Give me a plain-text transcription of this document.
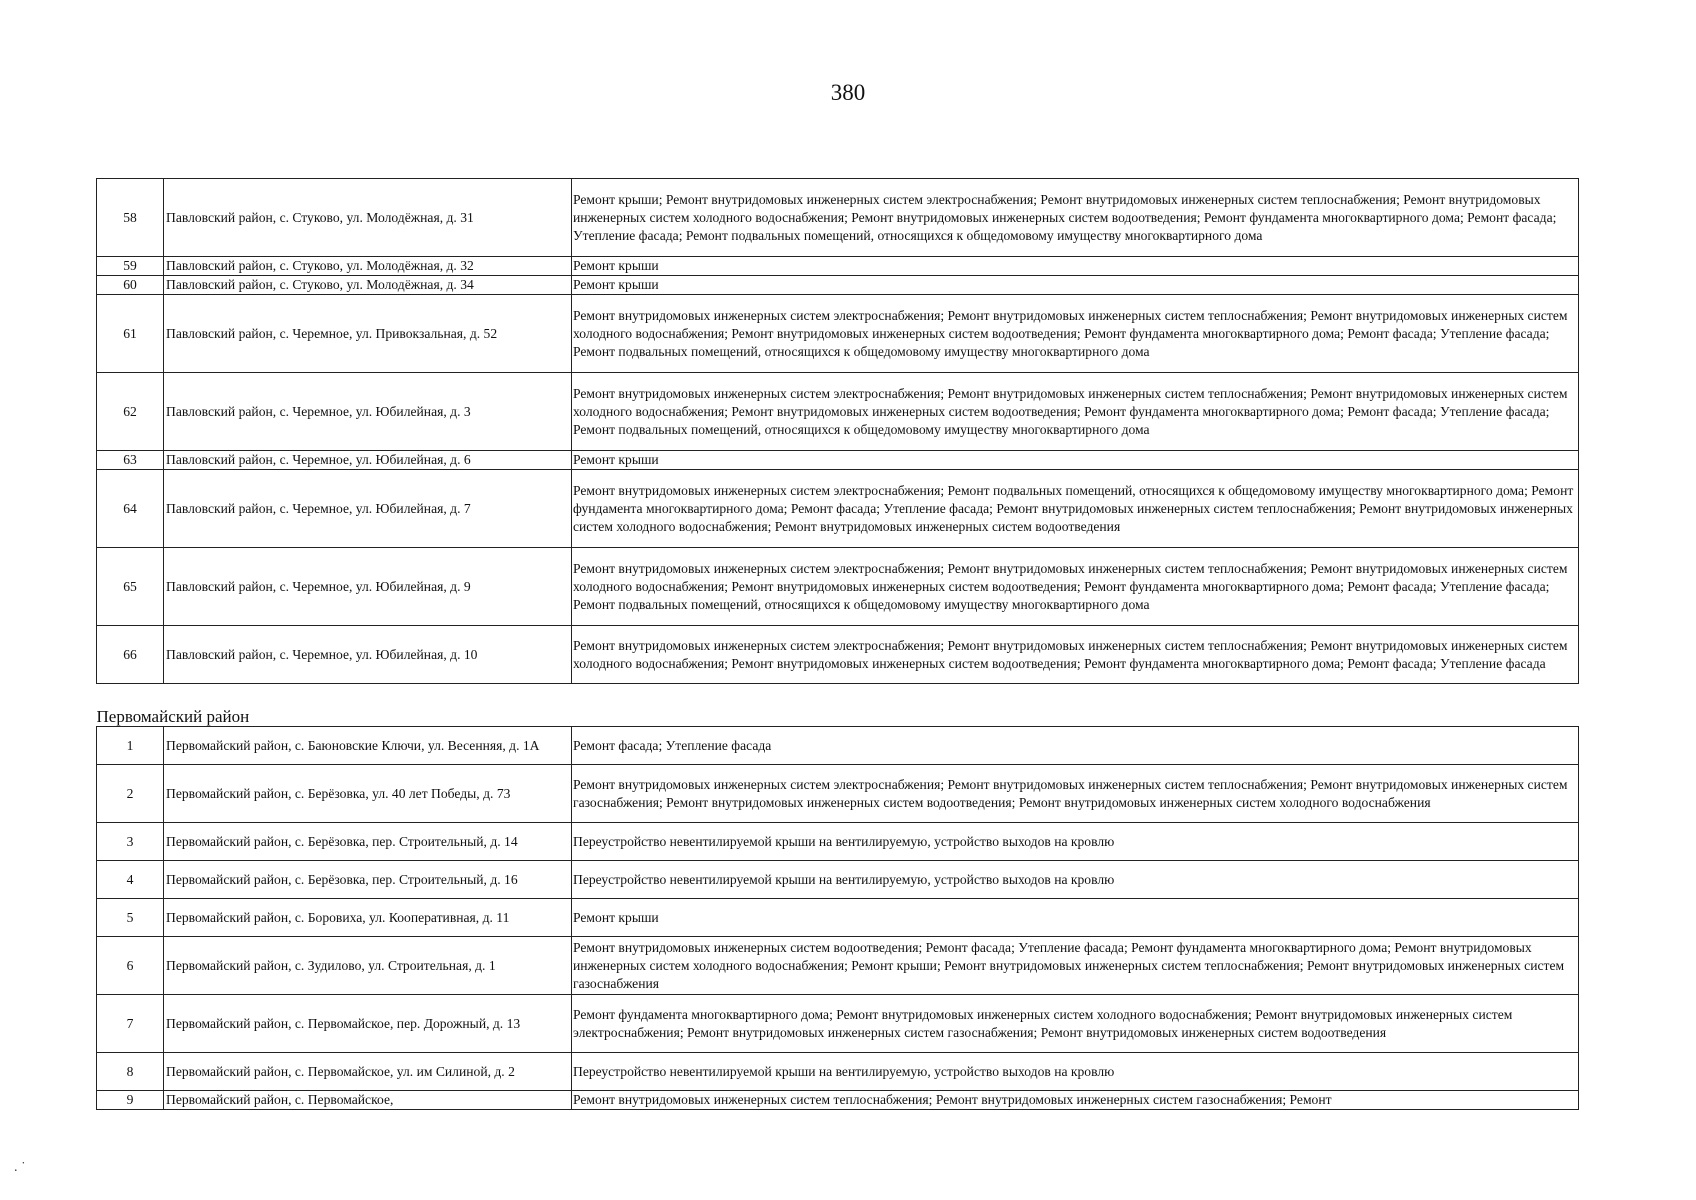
380
58	Павловский район, с. Стуково, ул. Молодёжная, д. 31	Ремонт крыши; Ремонт внутридомовых инженерных систем электроснабжения; Ремонт внутридомовых инженерных систем теплоснабжения; Ремонт внутридомовых инженерных систем холодного водоснабжения; Ремонт внутридомовых инженерных систем водоотведения; Ремонт фундамента многоквартирного дома; Ремонт фасада; Утепление фасада; Ремонт подвальных помещений, относящихся к общедомовому имуществу многоквартирного дома
59	Павловский район, с. Стуково, ул. Молодёжная, д. 32	Ремонт крыши
60	Павловский район, с. Стуково, ул. Молодёжная, д. 34	Ремонт крыши
61	Павловский район, с. Черемное, ул. Привокзальная, д. 52	Ремонт внутридомовых инженерных систем электроснабжения; Ремонт внутридомовых инженерных систем теплоснабжения; Ремонт внутридомовых инженерных систем холодного водоснабжения; Ремонт внутридомовых инженерных систем водоотведения; Ремонт фундамента многоквартирного дома; Ремонт фасада; Утепление фасада; Ремонт подвальных помещений, относящихся к общедомовому имуществу многоквартирного дома
62	Павловский район, с. Черемное, ул. Юбилейная, д. 3	Ремонт внутридомовых инженерных систем электроснабжения; Ремонт внутридомовых инженерных систем теплоснабжения; Ремонт внутридомовых инженерных систем холодного водоснабжения; Ремонт внутридомовых инженерных систем водоотведения; Ремонт фундамента многоквартирного дома; Ремонт фасада; Утепление фасада; Ремонт подвальных помещений, относящихся к общедомовому имуществу многоквартирного дома
63	Павловский район, с. Черемное, ул. Юбилейная, д. 6	Ремонт крыши
64	Павловский район, с. Черемное, ул. Юбилейная, д. 7	Ремонт внутридомовых инженерных систем электроснабжения; Ремонт подвальных помещений, относящихся к общедомовому имуществу многоквартирного дома; Ремонт фундамента многоквартирного дома; Ремонт фасада; Утепление фасада; Ремонт внутридомовых инженерных систем теплоснабжения; Ремонт внутридомовых инженерных систем холодного водоснабжения; Ремонт внутридомовых инженерных систем водоотведения
65	Павловский район, с. Черемное, ул. Юбилейная, д. 9	Ремонт внутридомовых инженерных систем электроснабжения; Ремонт внутридомовых инженерных систем теплоснабжения; Ремонт внутридомовых инженерных систем холодного водоснабжения; Ремонт внутридомовых инженерных систем водоотведения; Ремонт фундамента многоквартирного дома; Ремонт фасада; Утепление фасада; Ремонт подвальных помещений, относящихся к общедомовому имуществу многоквартирного дома
66	Павловский район, с. Черемное, ул. Юбилейная, д. 10	Ремонт внутридомовых инженерных систем электроснабжения; Ремонт внутридомовых инженерных систем теплоснабжения; Ремонт внутридомовых инженерных систем холодного водоснабжения; Ремонт внутридомовых инженерных систем водоотведения; Ремонт фундамента многоквартирного дома; Ремонт фасада; Утепление фасада
Первомайский район		
1	Первомайский район, с. Баюновские Ключи, ул. Весенняя, д. 1А	Ремонт фасада; Утепление фасада
2	Первомайский район, с. Берёзовка, ул. 40 лет Победы, д. 73	Ремонт внутридомовых инженерных систем электроснабжения; Ремонт внутридомовых инженерных систем теплоснабжения; Ремонт внутридомовых инженерных систем газоснабжения; Ремонт внутридомовых инженерных систем водоотведения; Ремонт внутридомовых инженерных систем холодного водоснабжения
3	Первомайский район, с. Берёзовка, пер. Строительный, д. 14	Переустройство невентилируемой крыши на вентилируемую, устройство выходов на кровлю
4	Первомайский район, с. Берёзовка, пер. Строительный, д. 16	Переустройство невентилируемой крыши на вентилируемую, устройство выходов на кровлю
5	Первомайский район, с. Боровиха, ул. Кооперативная, д. 11	Ремонт крыши
6	Первомайский район, с. Зудилово, ул. Строительная, д. 1	Ремонт внутридомовых инженерных систем водоотведения; Ремонт фасада; Утепление фасада; Ремонт фундамента многоквартирного дома; Ремонт внутридомовых инженерных систем холодного водоснабжения; Ремонт крыши; Ремонт внутридомовых инженерных систем теплоснабжения; Ремонт внутридомовых инженерных систем газоснабжения
7	Первомайский район, с. Первомайское, пер. Дорожный, д. 13	Ремонт фундамента многоквартирного дома; Ремонт внутридомовых инженерных систем холодного водоснабжения; Ремонт внутридомовых инженерных систем электроснабжения; Ремонт внутридомовых инженерных систем газоснабжения; Ремонт внутридомовых инженерных систем водоотведения
8	Первомайский район, с. Первомайское, ул. им Силиной, д. 2	Переустройство невентилируемой крыши на вентилируемую, устройство выходов на кровлю
9	Первомайский район, с. Первомайское,	Ремонт внутридомовых инженерных систем теплоснабжения; Ремонт внутридомовых инженерных систем газоснабжения; Ремонт
. ˙
